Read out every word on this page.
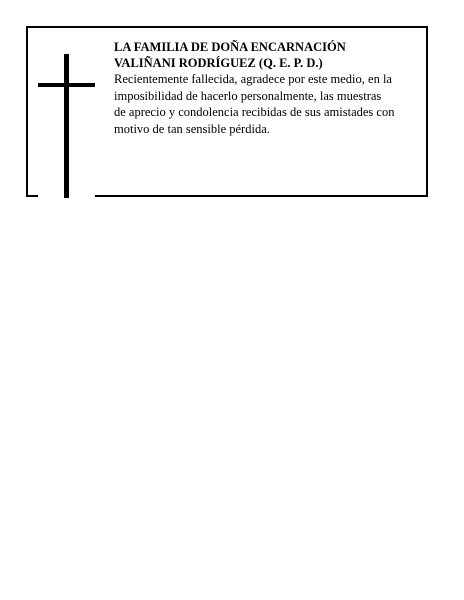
LA FAMILIA DE DOÑA ENCARNACIÓN
VALIÑANI RODRÍGUEZ (Q. E. P. D.)
Recientemente fallecida, agradece por este medio, en la
imposibilidad de hacerlo personalmente, las muestras
de aprecio y condolencia recibidas de sus amistades con
motivo de tan sensible pérdida.
